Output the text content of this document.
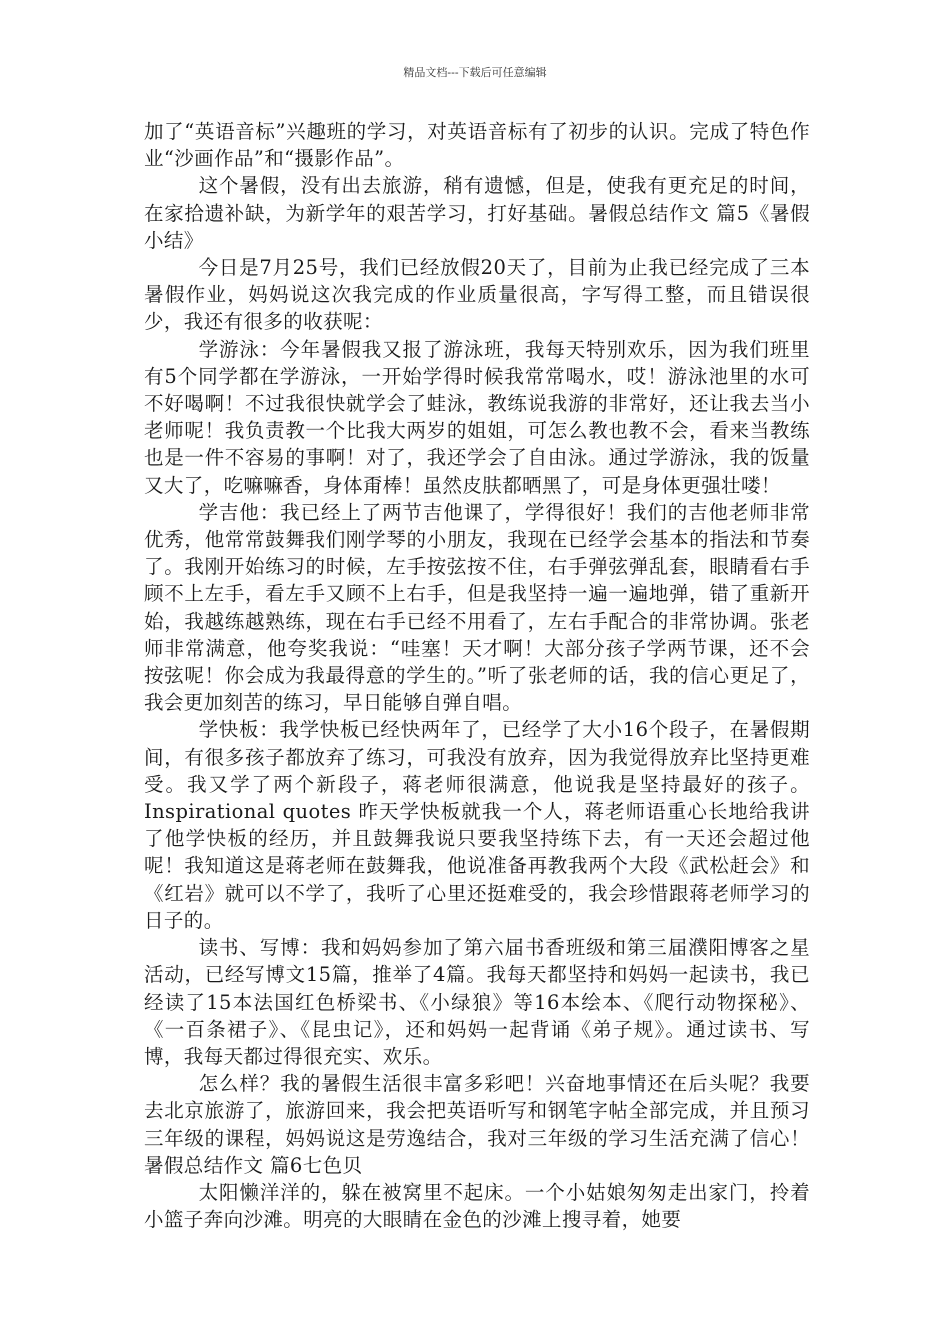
精品文档---下载后可任意编辑

加了“英语音标”兴趣班的学习，对英语音标有了初步的认识。完成了特色作业“沙画作品”和“摄影作品”。

这个暑假，没有出去旅游，稍有遗憾，但是，使我有更充足的时间，在家拾遗补缺，为新学年的艰苦学习，打好基础。暑假总结作文 篇5《暑假小结》

今日是7月25号，我们已经放假20天了，目前为止我已经完成了三本暑假作业，妈妈说这次我完成的作业质量很高，字写得工整，而且错误很少，我还有很多的收获呢：

学游泳：今年暑假我又报了游泳班，我每天特别欢乐，因为我们班里有5个同学都在学游泳，一开始学得时候我常常喝水，哎！游泳池里的水可不好喝啊！不过我很快就学会了蛙泳，教练说我游的非常好，还让我去当小老师呢！我负责教一个比我大两岁的姐姐，可怎么教也教不会，看来当教练也是一件不容易的事啊！对了，我还学会了自由泳。通过学游泳，我的饭量又大了，吃嘛嘛香，身体甭棒！虽然皮肤都晒黑了，可是身体更强壮喽！

学吉他：我已经上了两节吉他课了，学得很好！我们的吉他老师非常优秀，他常常鼓舞我们刚学琴的小朋友，我现在已经学会基本的指法和节奏了。我刚开始练习的时候，左手按弦按不住，右手弹弦弹乱套，眼睛看右手顾不上左手，看左手又顾不上右手，但是我坚持一遍一遍地弹，错了重新开始，我越练越熟练，现在右手已经不用看了，左右手配合的非常协调。张老师非常满意，他夸奖我说：“哇塞！天才啊！大部分孩子学两节课，还不会按弦呢！你会成为我最得意的学生的。”听了张老师的话，我的信心更足了，我会更加刻苦的练习，早日能够自弹自唱。

学快板：我学快板已经快两年了，已经学了大小16个段子，在暑假期间，有很多孩子都放弃了练习，可我没有放弃，因为我觉得放弃比坚持更难受。我又学了两个新段子，蒋老师很满意，他说我是坚持最好的孩子。Inspirational quotes 昨天学快板就我一个人，蒋老师语重心长地给我讲了他学快板的经历，并且鼓舞我说只要我坚持练下去，有一天还会超过他呢！我知道这是蒋老师在鼓舞我，他说准备再教我两个大段《武松赶会》和《红岩》就可以不学了，我听了心里还挺难受的，我会珍惜跟蒋老师学习的日子的。

读书、写博：我和妈妈参加了第六届书香班级和第三届濮阳博客之星活动，已经写博文15篇，推举了4篇。我每天都坚持和妈妈一起读书，我已经读了15本法国红色桥梁书、《小绿狼》等16本绘本、《爬行动物探秘》、《一百条裙子》、《昆虫记》，还和妈妈一起背诵《弟子规》。通过读书、写博，我每天都过得很充实、欢乐。

怎么样？我的暑假生活很丰富多彩吧！兴奋地事情还在后头呢？我要去北京旅游了，旅游回来，我会把英语听写和钢笔字帖全部完成，并且预习三年级的课程，妈妈说这是劳逸结合，我对三年级的学习生活充满了信心！暑假总结作文 篇6七色贝

太阳懒洋洋的，躲在被窝里不起床。一个小姑娘匆匆走出家门，拎着小篮子奔向沙滩。明亮的大眼睛在金色的沙滩上搜寻着，她要
